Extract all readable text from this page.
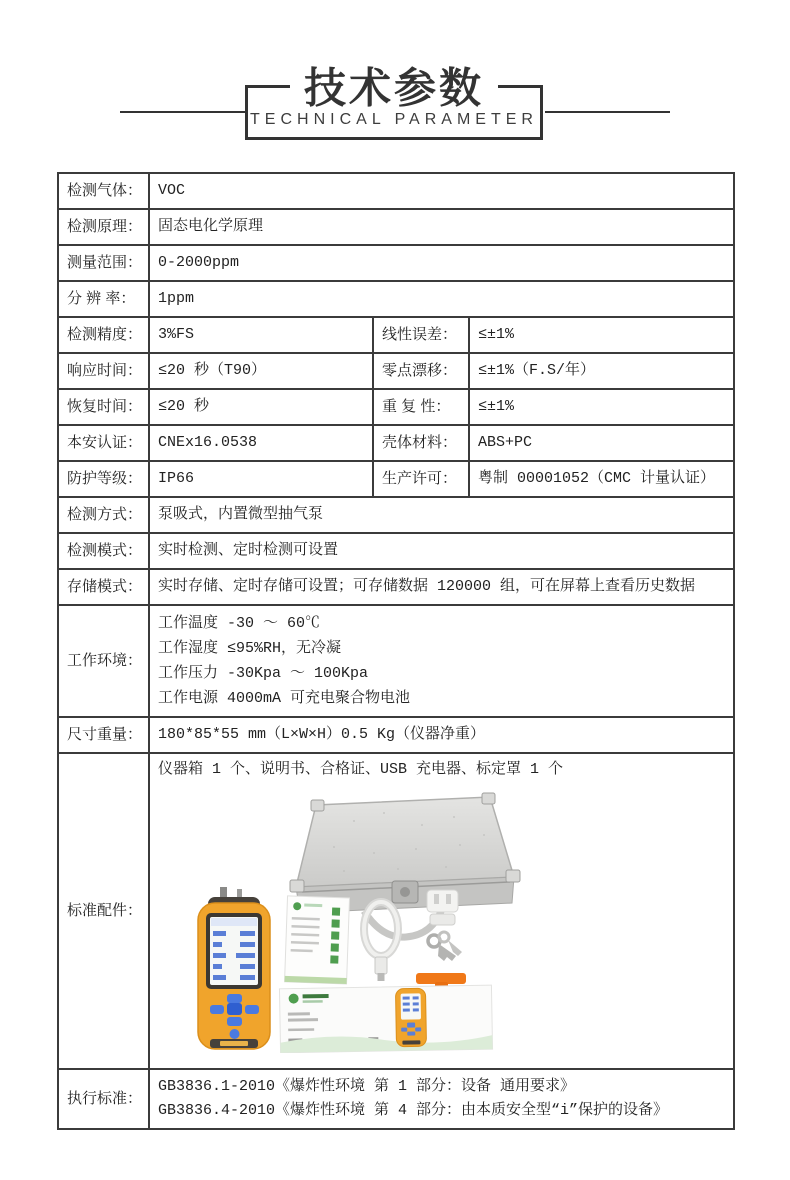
技术参数
TECHNICAL PARAMETER
检测气体：	VOC		
检测原理：	固态电化学原理		
测量范围：	0-2000ppm		
分 辨 率：	1ppm		
检测精度：	3%FS	线性误差：	≤±1%
响应时间：	≤20 秒（T90）	零点漂移：	≤±1%（F.S/年）
恢复时间：	≤20 秒	重 复 性：	≤±1%
本安认证：	CNEx16.0538	壳体材料：	ABS+PC
防护等级：	IP66	生产许可：	粤制 00001052（CMC 计量认证）
检测方式：	泵吸式，内置微型抽气泵		
检测模式：	实时检测、定时检测可设置		
存储模式：	实时存储、定时存储可设置；可存储数据 120000 组，可在屏幕上查看历史数据		
工作环境：	工作温度 -30 ～ 60℃
工作湿度 ≤95%RH，无冷凝
工作压力 -30Kpa ～ 100Kpa
工作电源 4000mA 可充电聚合物电池		

尺寸重量：	180*85*55 mm（L×W×H）0.5 Kg（仪器净重）		
标准配件：	仪器箱 1 个、说明书、合格证、USB 充电器、标定罩 1 个		

执行标准：	GB3836.1-2010《爆炸性环境 第 1 部分：设备 通用要求》
GB3836.4-2010《爆炸性环境 第 4 部分：由本质安全型“i”保护的设备》		
